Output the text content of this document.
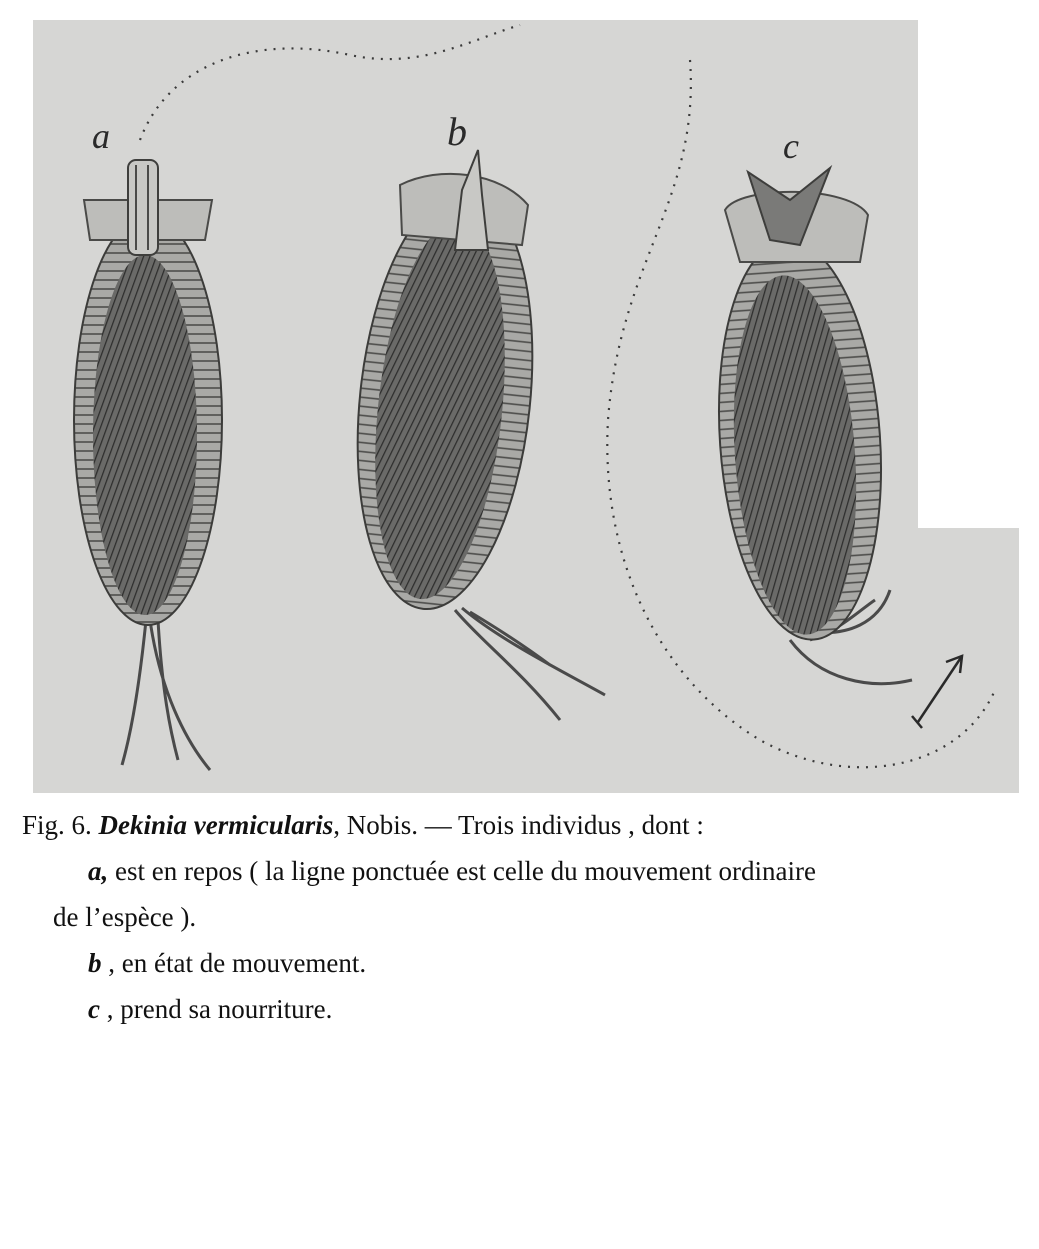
a	b	c
Fig. 6. Dekinia vermicularis, Nobis. — Trois individus , dont :
a, est en repos ( la ligne ponctuée est celle du mouvement ordinaire
de l’espèce ).
b , en état de mouvement.
c , prend sa nourriture.
